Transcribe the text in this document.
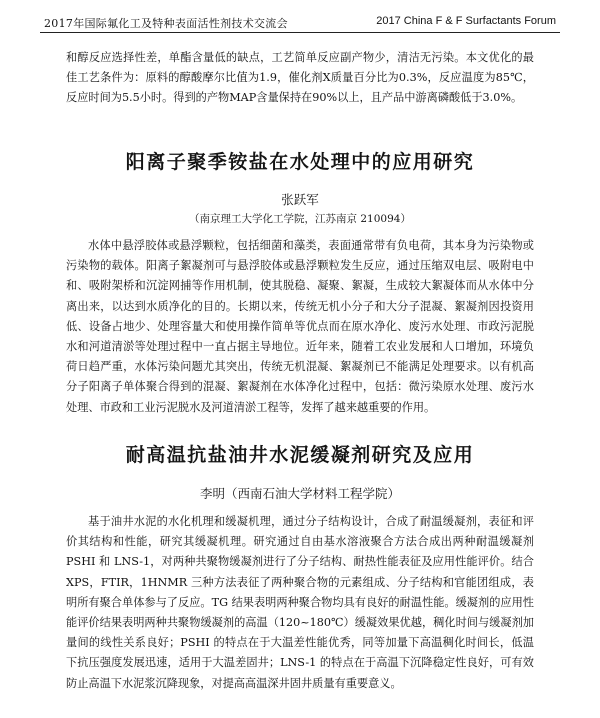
2017年国际氟化工及特种表面活性剂技术交流会	2017 China F & F Surfactants Forum

和醇反应选择性差，单酯含量低的缺点，工艺简单反应副产物少，清洁无污染。本文优化的最佳工艺条件为：原料的醇酸摩尔比值为1.9，催化剂X质量百分比为0.3%，反应温度为85℃，反应时间为5.5小时。得到的产物MAP含量保持在90%以上，且产品中游离磷酸低于3.0%。

阳离子聚季铵盐在水处理中的应用研究

张跃军

（南京理工大学化工学院，江苏南京 210094）

水体中悬浮胶体或悬浮颗粒，包括细菌和藻类，表面通常带有负电荷，其本身为污染物或污染物的载体。阳离子絮凝剂可与悬浮胶体或悬浮颗粒发生反应，通过压缩双电层、吸附电中和、吸附架桥和沉淀网捕等作用机制，使其脱稳、凝聚、絮凝，生成较大絮凝体而从水体中分离出来，以达到水质净化的目的。长期以来，传统无机小分子和大分子混凝、絮凝剂因投资用低、设备占地少、处理容量大和使用操作简单等优点而在原水净化、废污水处理、市政污泥脱水和河道清淤等处理过程中一直占据主导地位。近年来，随着工农业发展和人口增加，环境负荷日趋严重，水体污染问题尤其突出，传统无机混凝、絮凝剂已不能满足处理要求。以有机高分子阳离子单体聚合得到的混凝、絮凝剂在水体净化过程中，包括：微污染原水处理、废污水处理、市政和工业污泥脱水及河道清淤工程等，发挥了越来越重要的作用。

耐高温抗盐油井水泥缓凝剂研究及应用

李明（西南石油大学材料工程学院）

基于油井水泥的水化机理和缓凝机理，通过分子结构设计，合成了耐温缓凝剂，表征和评价其结构和性能，研究其缓凝机理。研究通过自由基水溶液聚合方法合成出两种耐温缓凝剂 PSHI 和 LNS-1，对两种共聚物缓凝剂进行了分子结构、耐热性能表征及应用性能评价。结合 XPS，FTIR，1HNMR 三种方法表征了两种聚合物的元素组成、分子结构和官能团组成，表明所有聚合单体参与了反应。TG 结果表明两种聚合物均具有良好的耐温性能。缓凝剂的应用性能评价结果表明两种共聚物缓凝剂的高温（120~180℃）缓凝效果优越，稠化时间与缓凝剂加量间的线性关系良好；PSHI 的特点在于大温差性能优秀，同等加量下高温稠化时间长，低温下抗压强度发展迅速，适用于大温差固井；LNS-1 的特点在于高温下沉降稳定性良好，可有效防止高温下水泥浆沉降现象，对提高高温深井固井质量有重要意义。
